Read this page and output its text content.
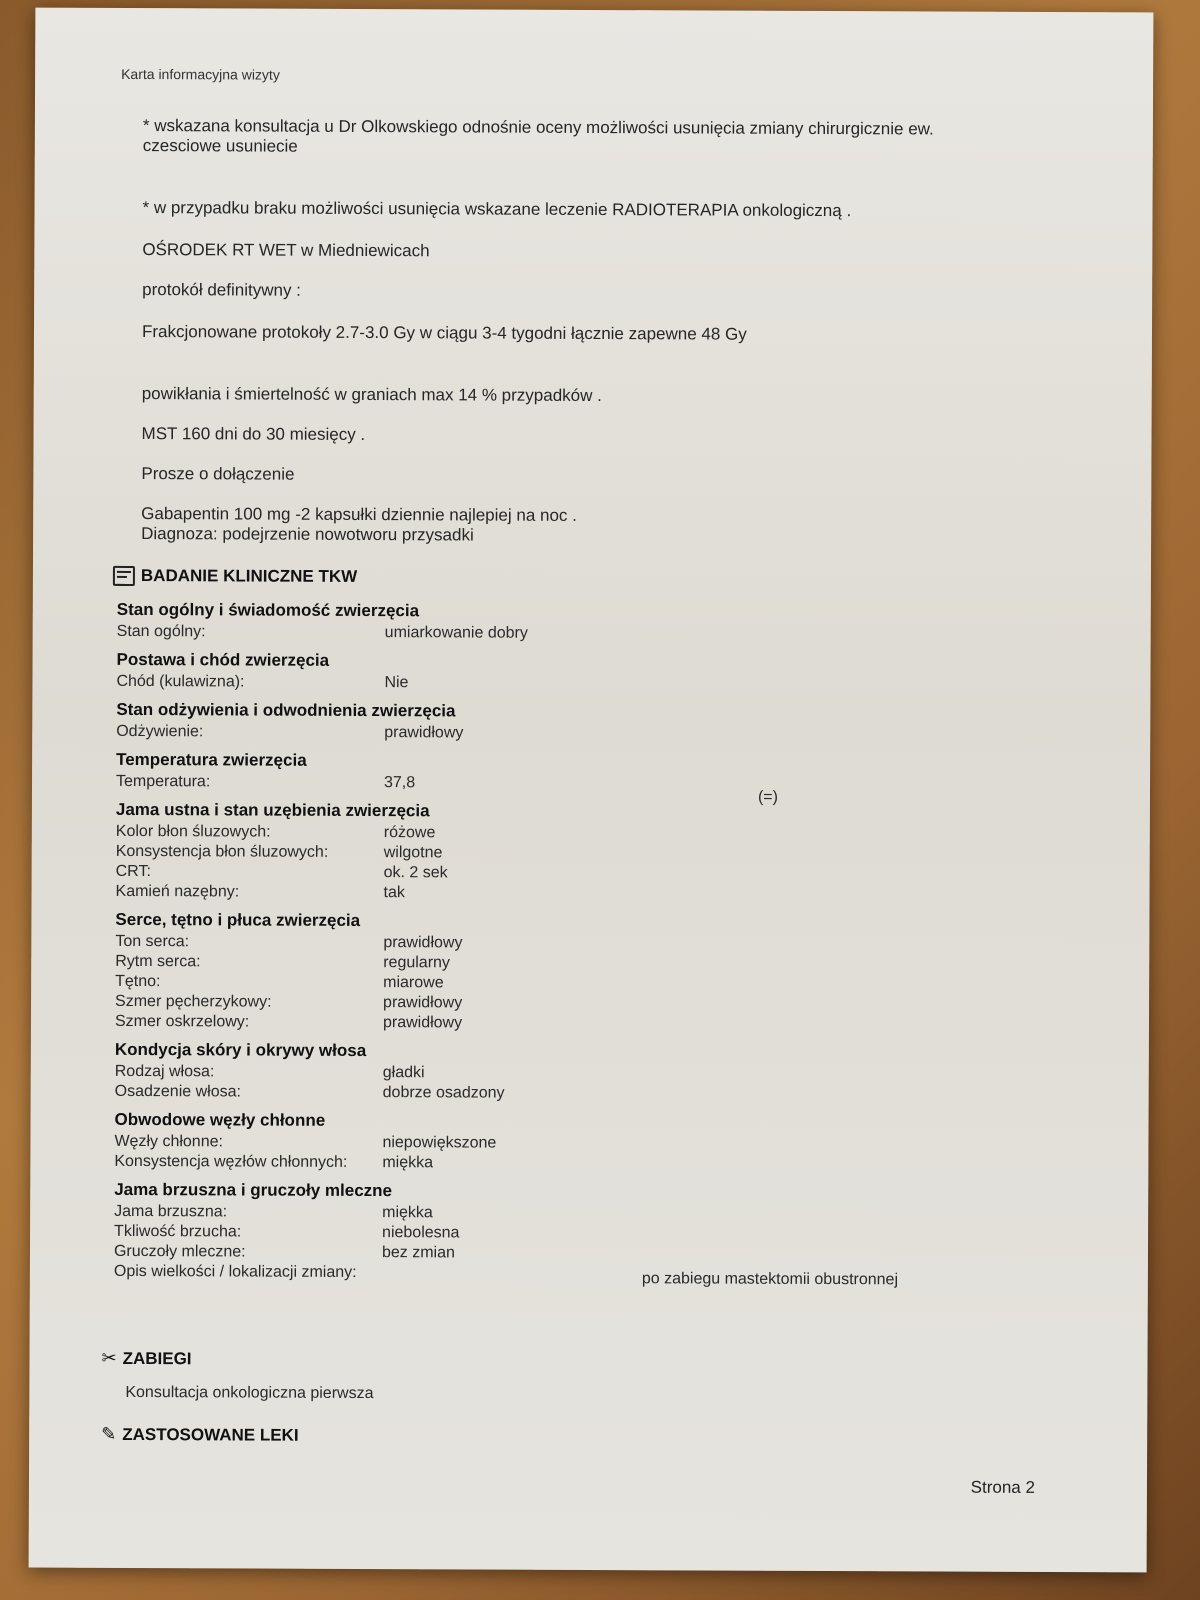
Karta informacyjna wizyty
* wskazana konsultacja u Dr Olkowskiego odnośnie oceny możliwości usunięcia zmiany chirurgicznie ew.
czesciowe usuniecie
* w przypadku braku możliwości usunięcia wskazane leczenie RADIOTERAPIA onkologiczną .
OŚRODEK RT WET w Miedniewicach
protokół definitywny :
Frakcjonowane protokoły 2.7-3.0 Gy w ciągu 3-4 tygodni łącznie zapewne 48 Gy
powikłania i śmiertelność w graniach max 14 % przypadków .
MST 160 dni do 30 miesięcy .
Prosze o dołączenie
Gabapentin 100 mg -2 kapsułki dziennie najlepiej na noc .
Diagnoza: podejrzenie nowotworu przysadki
BADANIE KLINICZNE TKW
Stan ogólny i świadomość zwierzęcia
Stan ogólny:	umiarkowanie dobry
Postawa i chód zwierzęcia
Chód (kulawizna):	Nie
Stan odżywienia i odwodnienia zwierzęcia
Odżywienie:	prawidłowy
Temperatura zwierzęcia
Temperatura:	37,8
(=)
Jama ustna i stan uzębienia zwierzęcia
Kolor błon śluzowych:	różowe
Konsystencja błon śluzowych:	wilgotne
CRT:	ok. 2 sek
Kamień nazębny:	tak
Serce, tętno i płuca zwierzęcia
Ton serca:	prawidłowy
Rytm serca:	regularny
Tętno:	miarowe
Szmer pęcherzykowy:	prawidłowy
Szmer oskrzelowy:	prawidłowy
Kondycja skóry i okrywy włosa
Rodzaj włosa:	gładki
Osadzenie włosa:	dobrze osadzony
Obwodowe węzły chłonne
Węzły chłonne:	niepowiększone
Konsystencja węzłów chłonnych:	miękka
Jama brzuszna i gruczoły mleczne
Jama brzuszna:	miękka
Tkliwość brzucha:	niebolesna
Gruczoły mleczne:	bez zmian
Opis wielkości / lokalizacji zmiany:	po zabiegu mastektomii obustronnej
✂ ZABIEGI
Konsultacja onkologiczna pierwsza
✎ ZASTOSOWANE LEKI
Strona 2
